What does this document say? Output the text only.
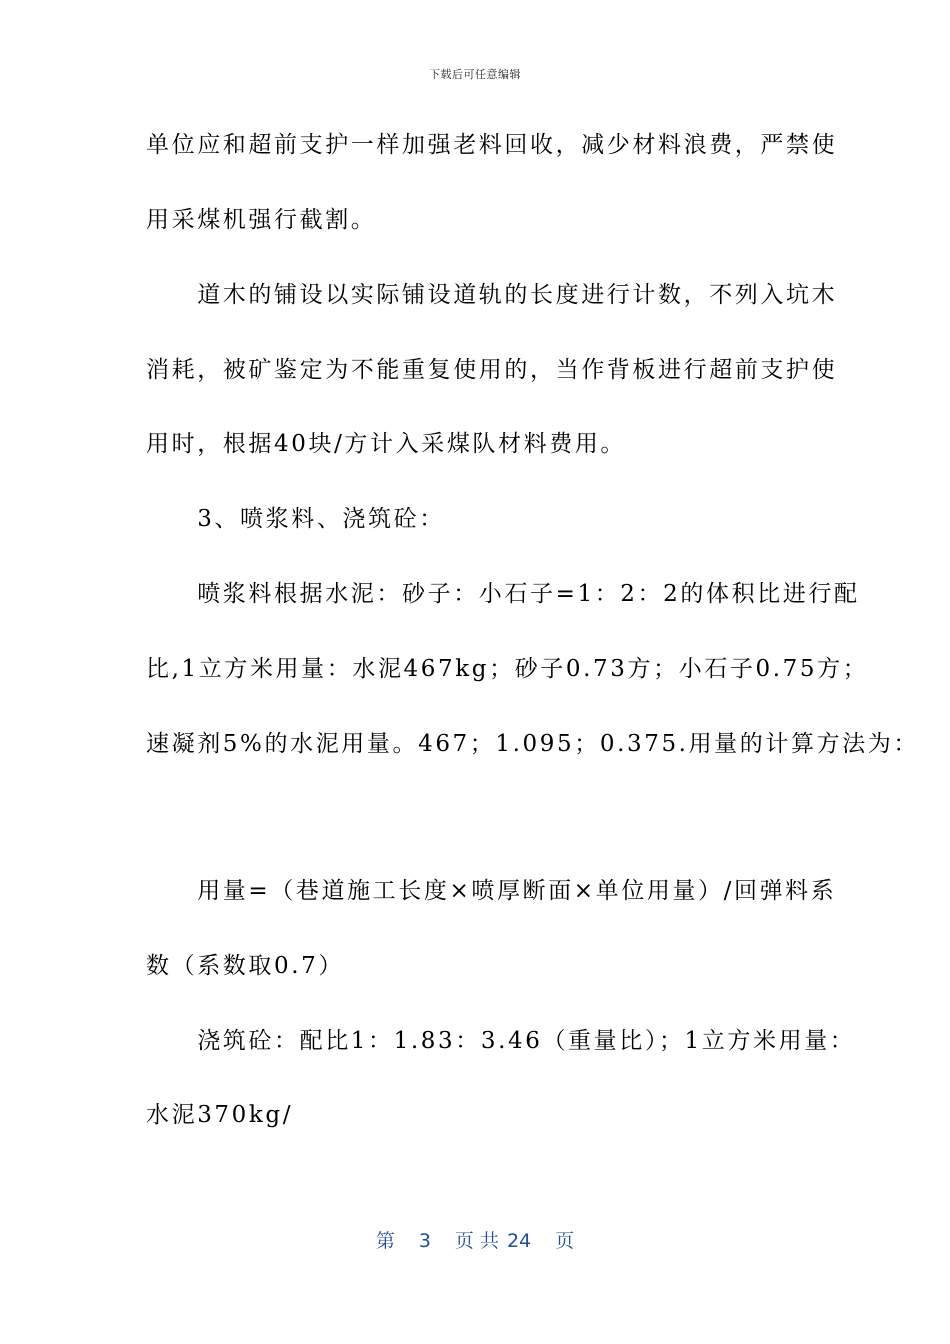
下载后可任意编辑
单位应和超前支护一样加强老料回收，减少材料浪费，严禁使
用采煤机强行截割。
　　道木的铺设以实际铺设道轨的长度进行计数，不列入坑木
消耗，被矿鉴定为不能重复使用的，当作背板进行超前支护使
用时，根据40块/方计入采煤队材料费用。
　　3、喷浆料、浇筑砼：
　　喷浆料根据水泥：砂子：小石子=1：2：2的体积比进行配
比,1立方米用量：水泥467kg；砂子0.73方；小石子0.75方；
速凝剂5%的水泥用量。467；1.095；0.375.用量的计算方法为：
　　用量=（巷道施工长度×喷厚断面×单位用量）/回弹料系
数（系数取0.7）
　　浇筑砼：配比1：1.83：3.46（重量比）；1立方米用量：
水泥370kg/
第 3 页 共 24 页
